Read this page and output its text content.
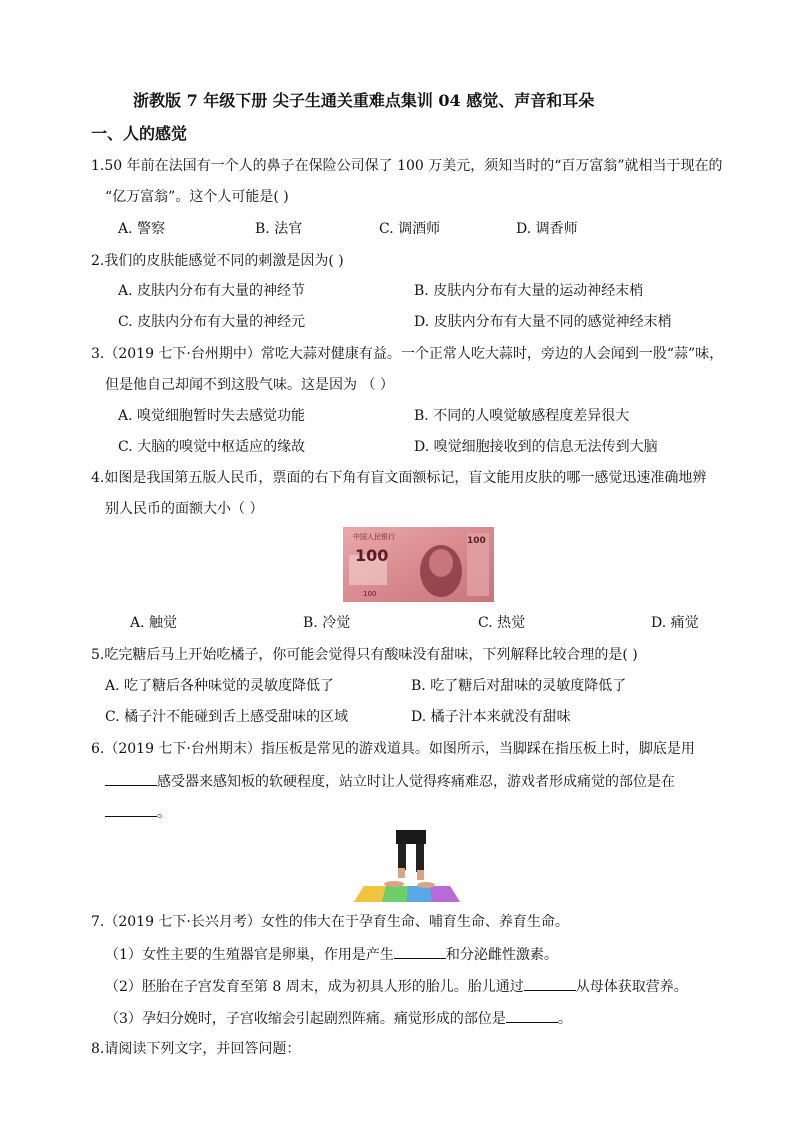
浙教版 7 年级下册 尖子生通关重难点集训 04 感觉、声音和耳朵
一、人的感觉
1.50 年前在法国有一个人的鼻子在保险公司保了 100 万美元，须知当时的“百万富翁”就相当于现在的
“亿万富翁”。这个人可能是( )
A. 警察	B. 法官	C. 调酒师	D. 调香师
2.我们的皮肤能感觉不同的刺激是因为( )
A. 皮肤内分布有大量的神经节	B. 皮肤内分布有大量的运动神经末梢
C. 皮肤内分布有大量的神经元	D. 皮肤内分布有大量不同的感觉神经末梢
3.（2019 七下·台州期中）常吃大蒜对健康有益。一个正常人吃大蒜时，旁边的人会闻到一股“蒜”味，
但是他自己却闻不到这股气味。这是因为 （ ）
A. 嗅觉细胞暂时失去感觉功能	B. 不同的人嗅觉敏感程度差异很大
C. 大脑的嗅觉中枢适应的缘故	D. 嗅觉细胞接收到的信息无法传到大脑
4.如图是我国第五版人民币，票面的右下角有盲文面额标记，盲文能用皮肤的哪一感觉迅速准确地辨
别人民币的面额大小（ ）
中国人民银行
100
100
100
A. 触觉	B. 冷觉	C. 热觉	D. 痛觉
5.吃完糖后马上开始吃橘子，你可能会觉得只有酸味没有甜味，下列解释比较合理的是( )
A. 吃了糖后各种味觉的灵敏度降低了	B. 吃了糖后对甜味的灵敏度降低了
C. 橘子汁不能碰到舌上感受甜味的区域	D. 橘子汁本来就没有甜味
6.（2019 七下·台州期末）指压板是常见的游戏道具。如图所示，当脚踩在指压板上时，脚底是用
感受器来感知板的软硬程度，站立时让人觉得疼痛难忍，游戏者形成痛觉的部位是在
。
7.（2019 七下·长兴月考）女性的伟大在于孕育生命、哺育生命、养育生命。
（1）女性主要的生殖器官是卵巢，作用是产生	和分泌雌性激素。
（2）胚胎在子宫发育至第 8 周末，成为初具人形的胎儿。胎儿通过	从母体获取营养。
（3）孕妇分娩时，子宫收缩会引起剧烈阵痛。痛觉形成的部位是	。
8.请阅读下列文字，并回答问题：
